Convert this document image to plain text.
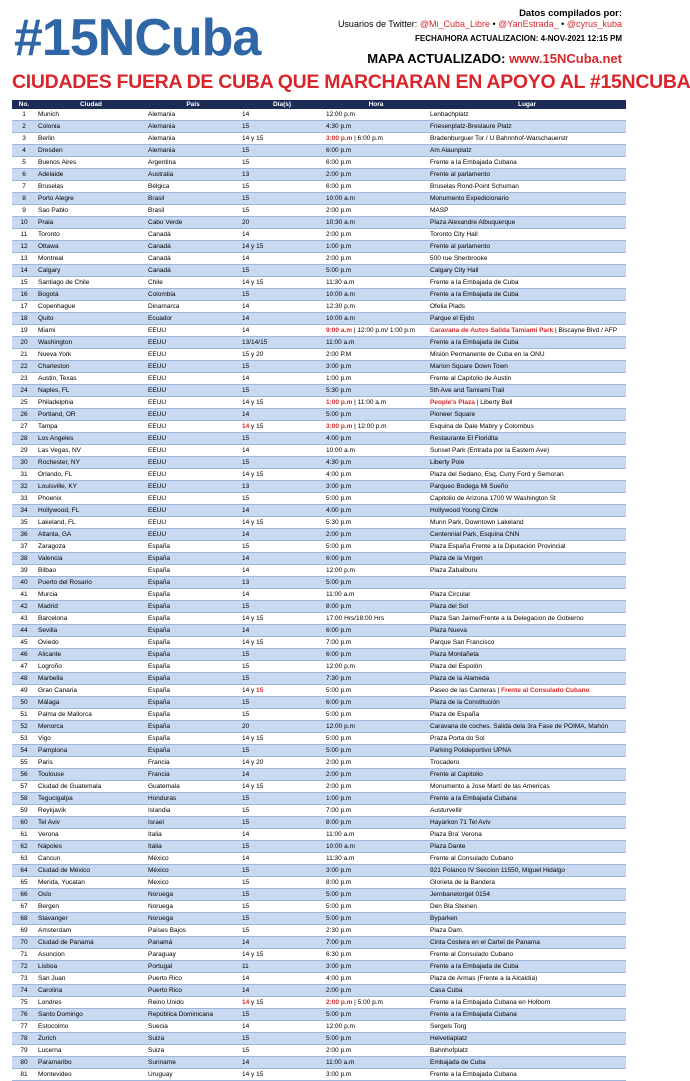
#15NCuba	Datos compilados por:
Usuarios de Twitter: @Mi_Cuba_Libre • @YanEstrada_ • @cyrus_kuba
FECHA/HORA ACTUALIZACION: 4-NOV-2021 12:15 PM
MAPA ACTUALIZADO: www.15NCuba.net
CIUDADES FUERA DE CUBA QUE MARCHARAN EN APOYO AL #15NCUBA
No.	Ciudad	País	Día(s)	Hora	Lugar
1	Munich	Alemania	14	12:00 p.m	Lenbachplatz
2	Colonia	Alemania	15	4:30 p.m	Friesenplatz-Breslaure Platz
3	Berlin	Alemania	14 y 15	3:00 p.m | 6:00 p.m	Bradenburguer Tor / U Bahnnhof-Warschauerstr
4	Dresden	Alemania	15	6:00 p.m	Am Alaunplatz
5	Buenos Aires	Argentina	15	6:00 p.m	Frente a la Embajada Cubana
6	Adelaide	Australia	13	2:00 p.m	Frente al parlamento
7	Bruselas	Bélgica	15	6:00 p.m	Bruselas Rond-Point Schuman
8	Porto Alegre	Brasil	15	10:00 a.m	Monumento Expedicionario
9	Sao Pablo	Brasil	15	2:00 p.m	MASP
10	Praia	Cabo Verde	20	10:30 a.m	Plaza Alexandre Albuquerque
11	Toronto	Canadá	14	2:00 p.m	Toronto City Hall
12	Ottawa	Canadá	14 y 15	1:00 p.m	Frente al parlamento
13	Montreal	Canadá	14	2:00 p.m	500 rue Sherbrooke
14	Calgary	Canadá	15	5:00 p.m	Calgary City Hall
15	Santiago de Chile	Chile	14 y 15	11:30 a.m	Frente a la Embajada de Cuba
16	Bogotá	Colombia	15	10:00 a.m	Frente a la Embajada de Cuba
17	Copenhague	Dinamarca	14	12:30 p.m	Ofelia Plads
18	Quito	Ecuador	14	10:00 a.m	Parque el Ejido
19	Miami	EEUU	14	9:00 a.m | 12:00 p.m/ 1:00 p.m	Caravana de Autos Salida Tamiami Park | Biscayne Blvd / AFP
20	Washington	EEUU	13/14/15	11:00 a.m	Frente a la Embajada de Cuba
21	Nueva York	EEUU	15 y 20	2:00 P.M	Misión Permanente de Cuba en la ONU
22	Charleston	EEUU	15	3:00 p.m	Marion Square Down Town
23	Austin, Texas	EEUU	14	1:00 p.m	Frente al Capitolio de Austin
24	Naples, FL	EEUU	15	5:30 p.m	5th Ave and Tamiami Trail
25	Philadelphia	EEUU	14 y 15	1:00 p.m | 11:00 a.m	People's Plaza | Liberty Bell
26	Portland, OR	EEUU	14	5:00 p.m	Pioneer Square
27	Tampa	EEUU	14 y 15	3:00 p.m | 12:00 p.m	Esquina de Dale Mabry y Colombus
28	Los Angeles	EEUU	15	4:00 p.m	Restaurante El Floridita
29	Las Vegas, NV	EEUU	14	10:00 a.m	Sunset Park (Entrada por la Eastern Ave)
30	Rochester, NY	EEUU	15	4:30 p.m	Liberty Pole
31	Orlando, FL	EEUU	14 y 15	4:00 p.m	Plaza del Sedano, Esq. Curry Ford y Semoran
32	Louisville, KY	EEUU	13	3:00 p.m	Parqueo Bodega Mi Sueño
33	Phoenix	EEUU	15	5:00 p.m	Capitolio de Arizona 1700 W Washington St
34	Hollywood, FL	EEUU	14	4:00 p.m	Hollywood Young Circle
35	Lakeland, FL	EEUU	14 y 15	5:30 p.m	Munn Park, Downtown Lakeland
36	Atlanta, GA	EEUU	14	2:00 p.m	Centennial Park, Esquina CNN
37	Zaragoza	España	15	5:00 p.m	Plaza España Frente a la Diputación Provincial
38	Valencia	España	14	6:00 p.m	Plaza de la Virgen
39	Bilbao	España	14	12:00 p.m	Plaza Zabalburu
40	Puerto del Rosario	España	13	5:00 p.m	
41	Murcia	España	14	11:00 a.m	Plaza Circular
42	Madrid	España	15	8:00 p.m	Plaza del Sol
43	Barcelona	España	14 y 15	17:00 Hrs/18:00 Hrs	Plaza San Jaime/Frente a la Delegacion de Gobierno
44	Sevilla	España	14	6:00 p.m	Plaza Nueva
45	Oviedo	España	14 y 15	7:00 p.m	Parque San Francisco
46	Alicante	España	15	6:00 p.m	Plaza Montañeta
47	Logroño	España	15	12:00 p.m	Plaza del Espolón
48	Marbella	España	15	7:30 p.m	Plaza de la Alameda
49	Gran Canaria	España	14 y 15	5:00 p.m	Paseo de las Canteras | Frente al Consulado Cubano
50	Málaga	España	15	6:00 p.m	Plaza de la Constitución
51	Palma de Mallorca	España	15	5:00 p.m	Plaza de España
52	Menorca	España	20	12:00 p.m	Caravana de coches. Salida dela 3ra Fase de POIMA, Mahón
53	Vigo	España	14 y 15	5:00 p.m	Praza Porta do Sol
54	Pamplona	España	15	5:00 p.m	Parking Polideportivo UPNA
55	Paris	Francia	14 y 20	2:00 p.m	Trocadero
56	Toulouse	Francia	14	2:00 p.m	Frente al Capitolio
57	Ciudad de Guatemala	Guatemala	14 y 15	2:00 p.m	Monumento a Jose Martí de las Americas
58	Tegucigalpa	Honduras	15	1:00 p.m	Frente a la Embajada Cubana
59	Reykjavík	Islandia	15	7:00 p.m	Austurvellir
60	Tel Aviv	Israel	15	8:00 p.m	Hayarkon 71 Tel Aviv
61	Verona	Italia	14	11:00 a.m	Plaza Bra' Verona
62	Nápoles	Italia	15	10:00 a.m	Plaza Dante
63	Cancun	México	14	11:30 a.m	Frente al Consulado Cubano
64	Ciudad de México	México	15	3:00 p.m	921 Polanco IV Seccion 11550, Miguel Hidalgo
65	Merida, Yucatan	Mexico	15	8:00 p.m	Glorieta de la Bandera
66	Oslo	Noruega	15	5:00 p.m	Jernbanetorget 0154
67	Bergen	Noruega	15	5:00 p.m	Den Bla Steinen
68	Stavanger	Noruega	15	5:00 p.m	Byparken
69	Amsterdam	Países Bajos	15	2:30 p.m	Plaza Dam.
70	Ciudad de Panamá	Panamá	14	7:00 p.m	Cinta Costera en el Cartel de Panama
71	Asuncion	Paraguay	14 y 15	6:30 p.m	Frente al Consulado Cubano
72	Lisboa	Portugal	11	3:00 p.m	Frente a la Embajada de Cuba
73	San Juan	Puerto Rico	14	4:00 p.m	Plaza de Armas (Frente a la Alcaldía)
74	Carolina	Puerto Rico	14	2:00 p.m	Casa Cuba
75	Londres	Reino Unido	14 y 15	2:00 p.m | 5:00 p.m	Frente a la Embajada Cubana en Holborn
76	Santo Domingo	República Dominicana	15	5:00 p.m	Frente a la Embajada Cubana
77	Estocolmo	Suecia	14	12:00 p.m	Sergels Torg
78	Zurich	Suiza	15	5:00 p.m	Helvetiaplatz
79	Lucerna	Suiza	15	2:00 p.m	Bahnhofplatz
80	Paramaribo	Suriname	14	11:00 a.m	Embajada de Cuba
81	Montevideo	Uruguay	14 y 15	3:00 p.m	Frente a la Embajada Cubana
